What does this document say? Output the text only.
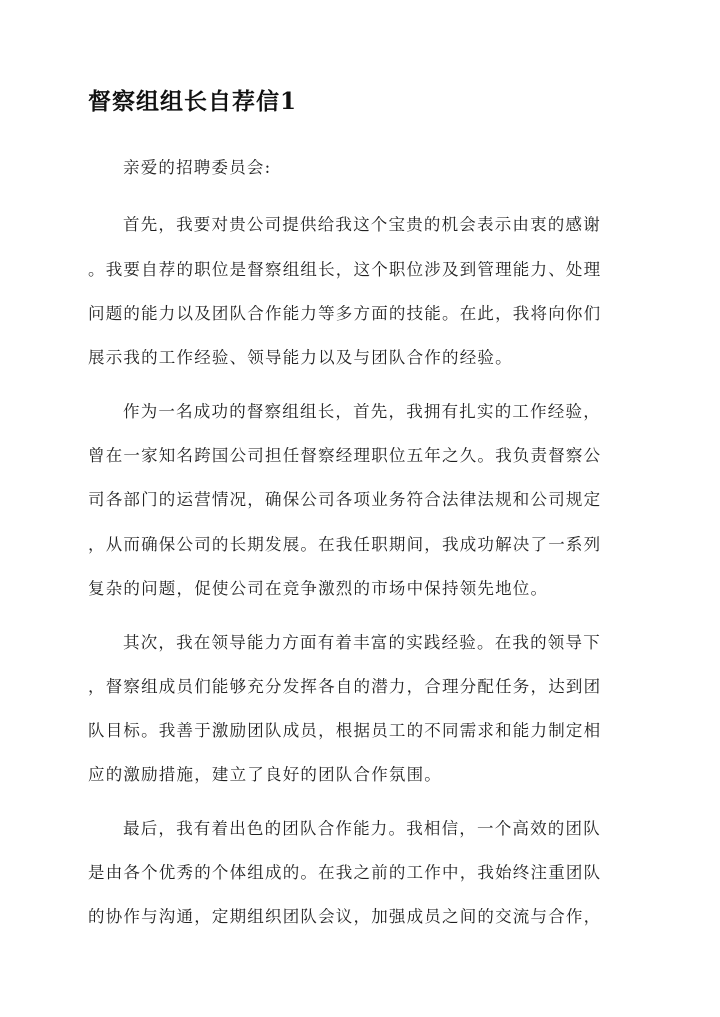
督察组组长自荐信1

亲爱的招聘委员会:

首先，我要对贵公司提供给我这个宝贵的机会表示由衷的感谢

。我要自荐的职位是督察组组长，这个职位涉及到管理能力、处理

问题的能力以及团队合作能力等多方面的技能。在此，我将向你们

展示我的工作经验、领导能力以及与团队合作的经验。

作为一名成功的督察组组长，首先，我拥有扎实的工作经验，

曾在一家知名跨国公司担任督察经理职位五年之久。我负责督察公

司各部门的运营情况，确保公司各项业务符合法律法规和公司规定

，从而确保公司的长期发展。在我任职期间，我成功解决了一系列

复杂的问题，促使公司在竞争激烈的市场中保持领先地位。

其次，我在领导能力方面有着丰富的实践经验。在我的领导下

，督察组成员们能够充分发挥各自的潜力，合理分配任务，达到团

队目标。我善于激励团队成员，根据员工的不同需求和能力制定相

应的激励措施，建立了良好的团队合作氛围。

最后，我有着出色的团队合作能力。我相信，一个高效的团队

是由各个优秀的个体组成的。在我之前的工作中，我始终注重团队

的协作与沟通，定期组织团队会议，加强成员之间的交流与合作，
